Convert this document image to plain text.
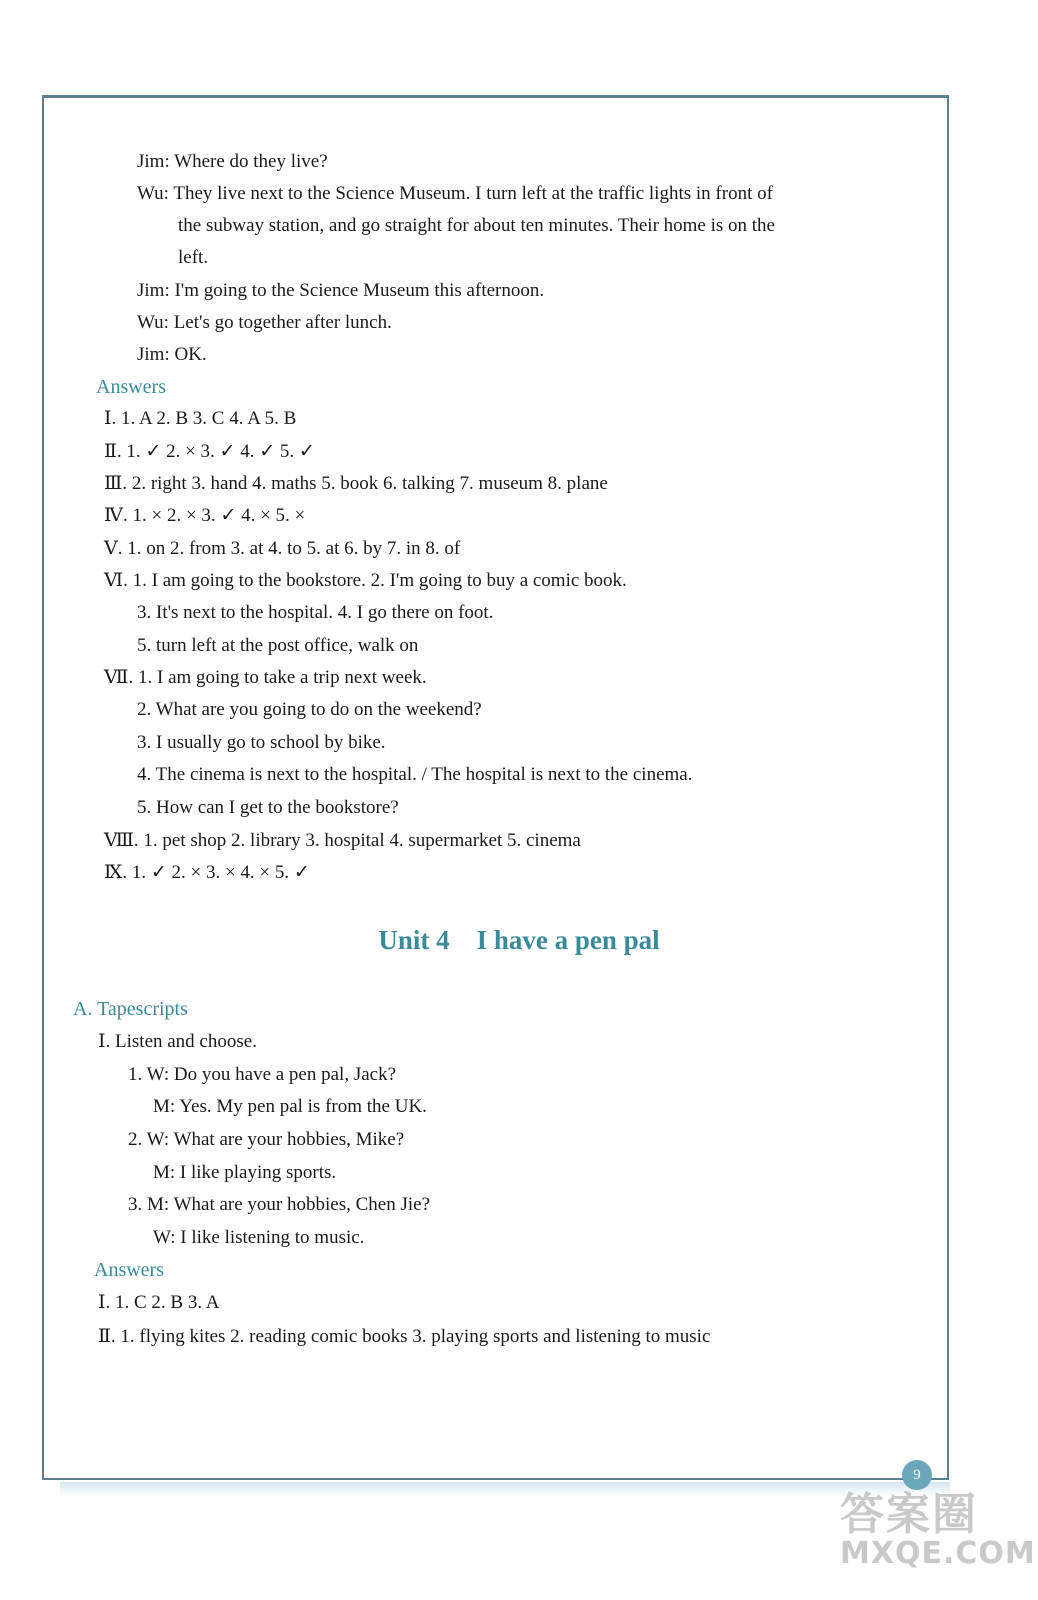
Jim: Where do they live?
Wu: They live next to the Science Museum. I turn left at the traffic lights in front of
the subway station, and go straight for about ten minutes. Their home is on the
left.
Jim: I'm going to the Science Museum this afternoon.
Wu: Let's go together after lunch.
Jim: OK.
Answers
Ⅰ. 1. A 2. B 3. C 4. A 5. B
Ⅱ. 1. ✓ 2. × 3. ✓ 4. ✓ 5. ✓
Ⅲ. 2. right 3. hand 4. maths 5. book 6. talking 7. museum 8. plane
Ⅳ. 1. × 2. × 3. ✓ 4. × 5. ×
Ⅴ. 1. on 2. from 3. at 4. to 5. at 6. by 7. in 8. of
Ⅵ. 1. I am going to the bookstore. 2. I'm going to buy a comic book.
3. It's next to the hospital. 4. I go there on foot.
5. turn left at the post office, walk on
Ⅶ. 1. I am going to take a trip next week.
2. What are you going to do on the weekend?
3. I usually go to school by bike.
4. The cinema is next to the hospital. / The hospital is next to the cinema.
5. How can I get to the bookstore?
Ⅷ. 1. pet shop 2. library 3. hospital 4. supermarket 5. cinema
Ⅸ. 1. ✓ 2. × 3. × 4. × 5. ✓
Unit 4    I have a pen pal
A. Tapescripts
Ⅰ. Listen and choose.
1. W: Do you have a pen pal, Jack?
M: Yes. My pen pal is from the UK.
2. W: What are your hobbies, Mike?
M: I like playing sports.
3. M: What are your hobbies, Chen Jie?
W: I like listening to music.
Answers
Ⅰ. 1. C 2. B 3. A
Ⅱ. 1. flying kites 2. reading comic books 3. playing sports and listening to music
9
答案圈
MXQE.COM
